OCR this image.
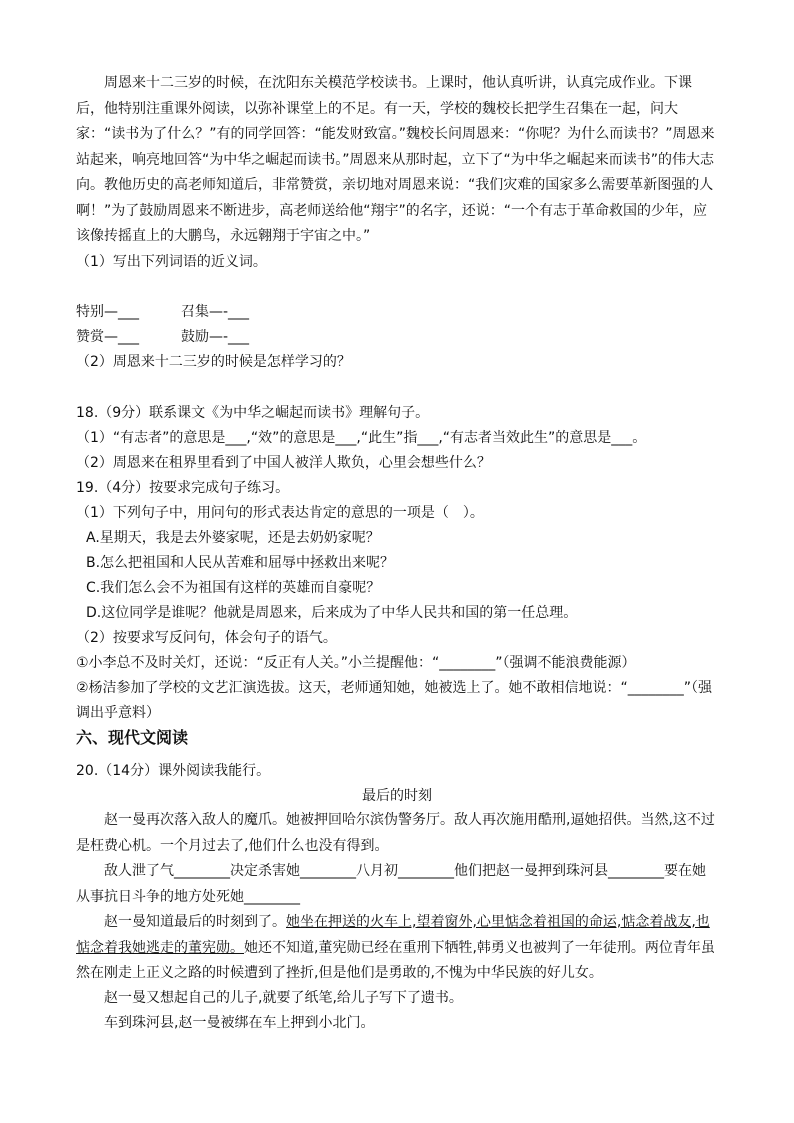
周恩来十二三岁的时候，在沈阳东关模范学校读书。上课时，他认真听讲，认真完成作业。下课后，他特别注重课外阅读，以弥补课堂上的不足。有一天，学校的魏校长把学生召集在一起，问大家：“读书为了什么？”有的同学回答：“能发财致富。”魏校长问周恩来：“你呢？为什么而读书？”周恩来站起来，响亮地回答“为中华之崛起而读书。”周恩来从那时起，立下了“为中华之崛起来而读书”的伟大志向。教他历史的高老师知道后，非常赞赏，亲切地对周恩来说：“我们灾难的国家多么需要革新图强的人啊！”为了鼓励周恩来不断进步，高老师送给他“翔宇”的名字，还说：“一个有志于革命救国的少年，应该像抟摇直上的大鹏鸟，永远翱翔于宇宙之中。”

（1）写出下列词语的近义词。

特别—___　　　召集—-___

赞赏—___　　　鼓励—-___

（2）周恩来十二三岁的时候是怎样学习的？

18.（9分）联系课文《为中华之崛起而读书》理解句子。

（1）“有志者”的意思是___,“效”的意思是___,“此生”指___,“有志者当效此生”的意思是___。

（2）周恩来在租界里看到了中国人被洋人欺负，心里会想些什么？

19.（4分）按要求完成句子练习。

（1）下列句子中，用问句的形式表达肯定的意思的一项是（　）。

A.星期天，我是去外婆家呢，还是去奶奶家呢？

B.怎么把祖国和人民从苦难和屈辱中拯救出来呢？

C.我们怎么会不为祖国有这样的英雄而自豪呢？

D.这位同学是谁呢？他就是周恩来，后来成为了中华人民共和国的第一任总理。

（2）按要求写反问句，体会句子的语气。

①小李总不及时关灯，还说：“反正有人关。”小兰提醒他：“________”（强调不能浪费能源）

②杨洁参加了学校的文艺汇演选拔。这天，老师通知她，她被选上了。她不敢相信地说：“________”（强

调出乎意料）

六、现代文阅读

20.（14分）课外阅读我能行。

最后的时刻

赵一曼再次落入敌人的魔爪。她被押回哈尔滨伪警务厅。敌人再次施用酷刑,逼她招供。当然,这不过是枉费心机。一个月过去了,他们什么也没有得到。

敌人泄了气________决定杀害她________八月初________他们把赵一曼押到珠河县________要在她从事抗日斗争的地方处死她________

赵一曼知道最后的时刻到了。她坐在押送的火车上,望着窗外,心里惦念着祖国的命运,惦念着战友,也惦念着我她逃走的董宪勋。她还不知道,董宪勋已经在重刑下牺牲,韩勇义也被判了一年徒刑。两位青年虽然在刚走上正义之路的时候遭到了挫折,但是他们是勇敢的,不愧为中华民族的好儿女。

赵一曼又想起自己的儿子,就要了纸笔,给儿子写下了遗书。

车到珠河县,赵一曼被绑在车上押到小北门。
